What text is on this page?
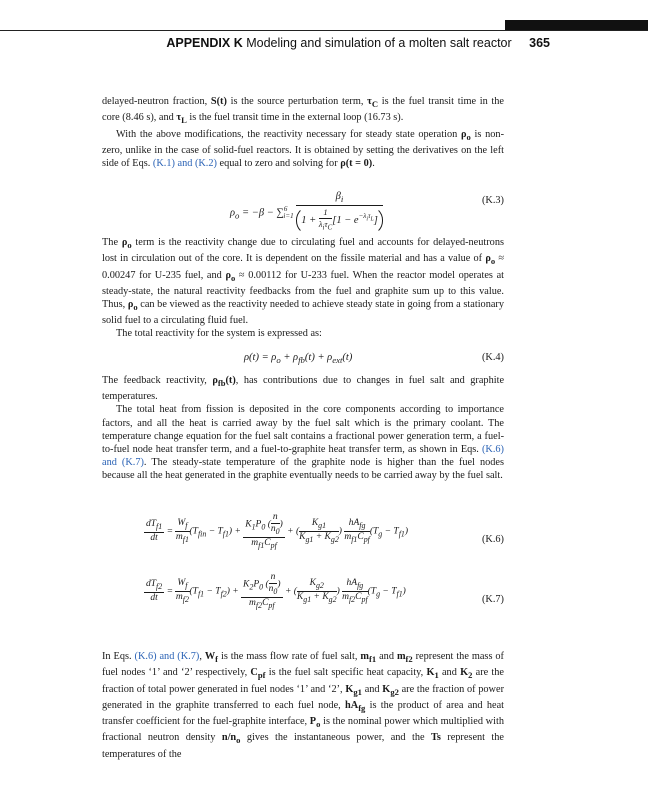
APPENDIX K Modeling and simulation of a molten salt reactor 365

delayed-neutron fraction, S(t) is the source perturbation term, $\tau_C$ is the fuel transit time in the core (8.46 s), and $\tau_L$ is the fuel transit time in the external loop (16.73 s).

With the above modifications, the reactivity necessary for steady state operation $\rho_o$ is non-zero, unlike in the case of solid-fuel reactors. It is obtained by setting the derivatives on the left side of Eqs. (K.1) and (K.2) equal to zero and solving for ρ(t = 0).

$\rho_o = -\beta - \sum^6_{i=1} \frac{\beta_i}{1 + \frac{1}{\lambda_i\tau_C} [1 - e^{-\lambda_i\tau_L}]}$	(K.3)

The $\rho_o$ term is the reactivity change due to circulating fuel and accounts for delayed-neutrons lost in circulation out of the core. It is dependent on the fissile material and has a value of $\rho_o \approx 0.00247$ for U-235 fuel, and $\rho_o \approx 0.00112$ for U-233 fuel. When the reactor model operates at steady-state, the natural reactivity feedbacks from the fuel and graphite sum up to this value. Thus, $\rho_o$ can be viewed as the reactivity needed to achieve steady state in going from a stationary solid fuel to a circulating fluid fuel.

The total reactivity for the system is expressed as:

$\rho(t) = \rho_o + \rho_{fb}(t) + \rho_{ext}(t)$	(K.4)

The feedback reactivity, $\rho_{fb}(t)$, has contributions due to changes in fuel salt and graphite temperatures.

The total heat from fission is deposited in the core components according to importance factors, and all the heat is carried away by the fuel salt which is the primary coolant. The temperature change equation for the fuel salt contains a fractional power generation term, a fuel-to-fuel node heat transfer term, and a fuel-to-graphite heat transfer term, as shown in Eqs. (K.6) and (K.7). The steady-state temperature of the graphite node is higher than the fuel nodes because all the heat generated in the graphite eventually needs to be carried away by the fuel salt.

$\frac{dT_{f1}}{dt} = \frac{W_f}{m_{f1}} (T_{fin} - T_{f1}) + \frac{K_1P_0 ( \frac{n}{n_0} )}{m_{f1}C_{pf}}$ + ( $\frac{K_{g1}}{K_{g1} + K_{g2}}$ ) $\frac{hA_{fg}}{m_{f1}C_{pf}} (T_g - T_{f1})$
(K.6)
$\frac{dT_{f2}}{dt} = \frac{W_f}{m_{f2}} (T_{f1} - T_{f2}) + \frac{K_2P_0 ( \frac{n}{n_0} )}{m_{f2}C_{pf}}$ + ( $\frac{K_{g2}}{K_{g1} + K_{g2}}$ ) $\frac{hA_{fg}}{m_{f2}C_{pf}} (T_g - T_{f1})$
(K.7)

In Eqs. (K.6) and (K.7), $W_f$ is the mass flow rate of fuel salt, $m_{f1}$ and $m_{f2}$ represent the mass of fuel nodes ‘1’ and ‘2’ respectively, $C_{pf}$ is the fuel salt specific heat capacity, $K_1$ and $K_2$ are the fraction of total power generated in fuel nodes ‘1’ and ‘2’, $K_{g1}$ and $K_{g2}$ are the fraction of power generated in the graphite transferred to each fuel node, $hA_{fg}$ is the product of area and heat transfer coefficient for the fuel-graphite interface, $P_o$ is the nominal power which multiplied with fractional neutron density $n/n_o$ gives the instantaneous power, and the Ts represent the temperatures of the
